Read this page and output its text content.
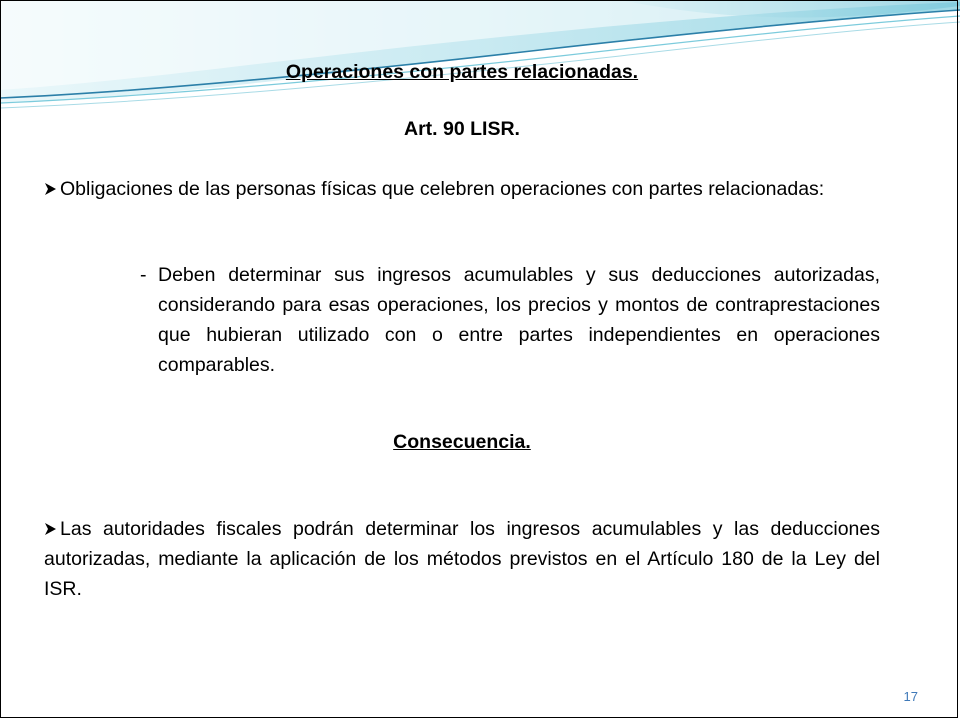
Operaciones con partes relacionadas.

Art. 90 LISR.

Obligaciones de las personas físicas que celebren operaciones con partes relacionadas:

- Deben determinar sus ingresos acumulables y sus deducciones autorizadas, considerando para esas operaciones, los precios y montos de contraprestaciones que hubieran utilizado con o entre partes independientes en operaciones comparables.

Consecuencia.

Las autoridades fiscales podrán determinar los ingresos acumulables y las deducciones autorizadas, mediante la aplicación de los métodos previstos en el Artículo 180 de la Ley del ISR.

17
